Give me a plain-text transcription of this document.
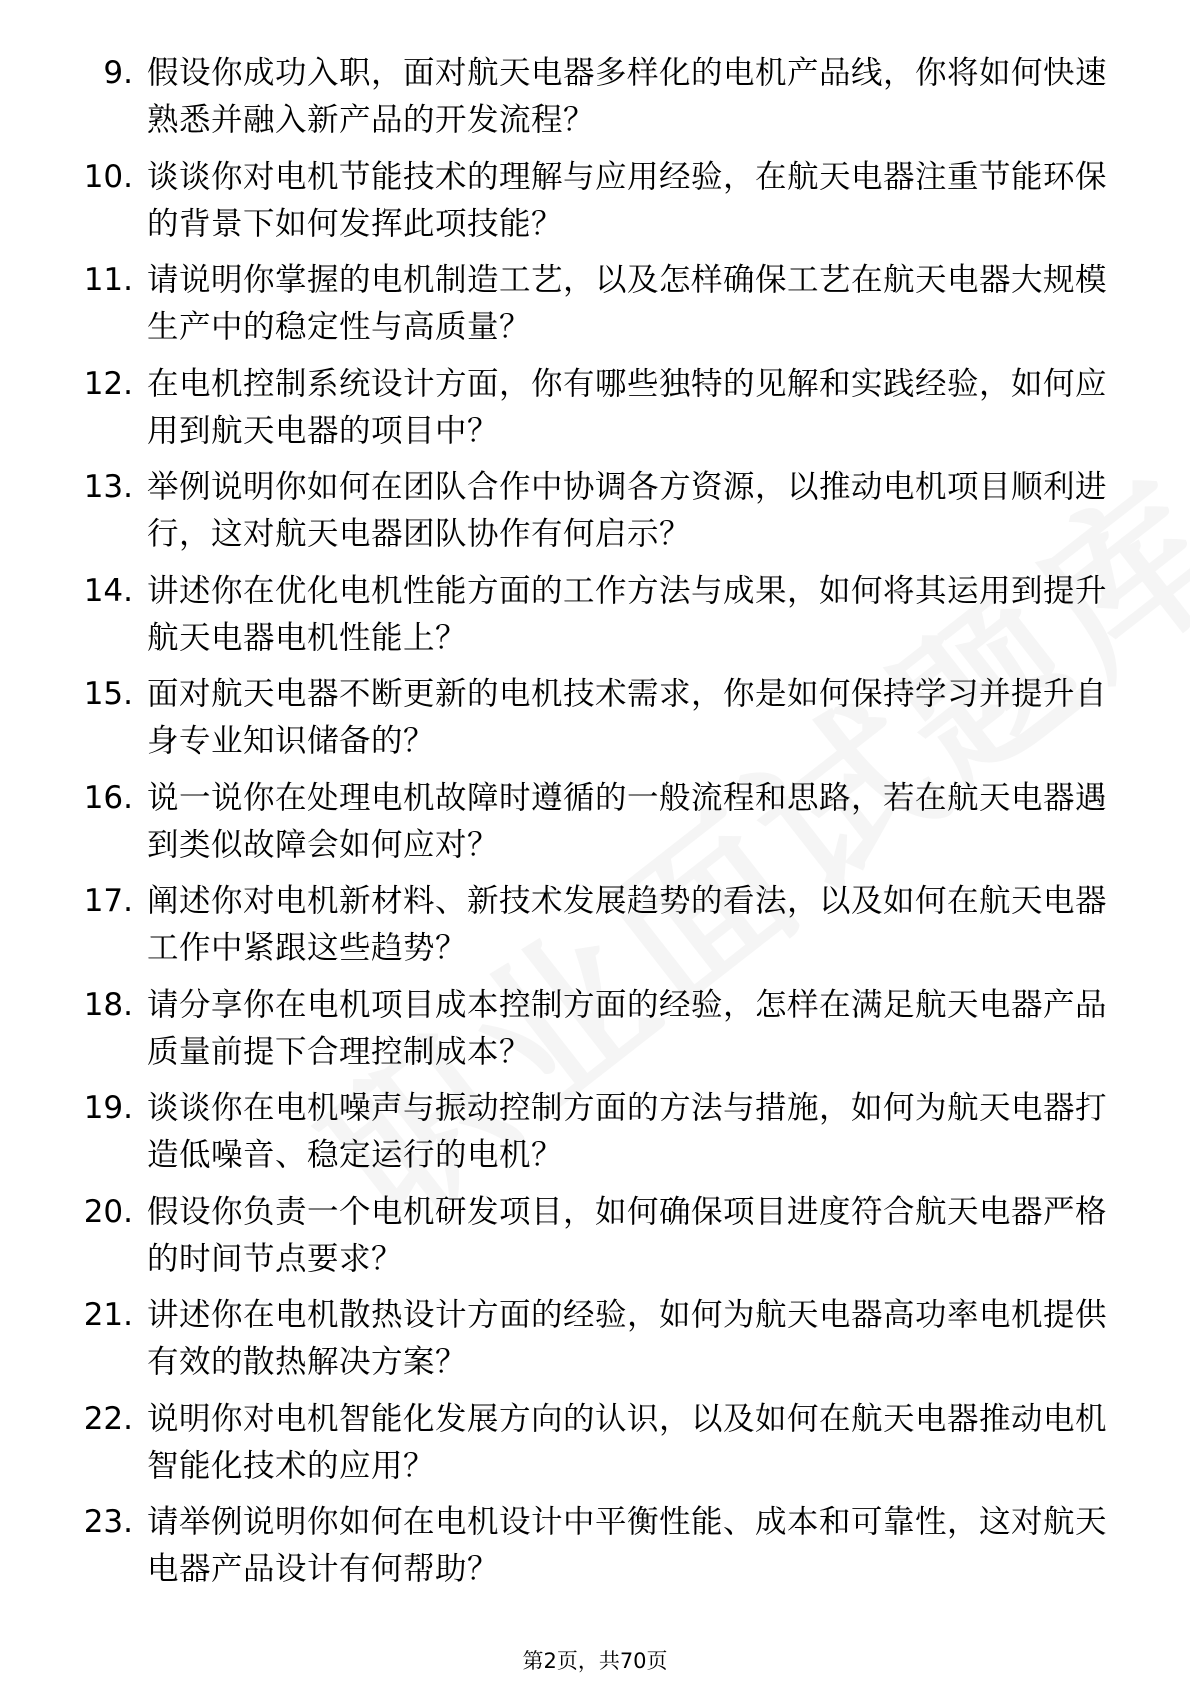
9. 假设你成功入职，面对航天电器多样化的电机产品线，你将如何快速熟悉并融入新产品的开发流程？
10. 谈谈你对电机节能技术的理解与应用经验，在航天电器注重节能环保的背景下如何发挥此项技能？
11. 请说明你掌握的电机制造工艺，以及怎样确保工艺在航天电器大规模生产中的稳定性与高质量？
12. 在电机控制系统设计方面，你有哪些独特的见解和实践经验，如何应用到航天电器的项目中？
13. 举例说明你如何在团队合作中协调各方资源，以推动电机项目顺利进行，这对航天电器团队协作有何启示？
14. 讲述你在优化电机性能方面的工作方法与成果，如何将其运用到提升航天电器电机性能上？
15. 面对航天电器不断更新的电机技术需求，你是如何保持学习并提升自身专业知识储备的？
16. 说一说你在处理电机故障时遵循的一般流程和思路，若在航天电器遇到类似故障会如何应对？
17. 阐述你对电机新材料、新技术发展趋势的看法，以及如何在航天电器工作中紧跟这些趋势？
18. 请分享你在电机项目成本控制方面的经验，怎样在满足航天电器产品质量前提下合理控制成本？
19. 谈谈你在电机噪声与振动控制方面的方法与措施，如何为航天电器打造低噪音、稳定运行的电机？
20. 假设你负责一个电机研发项目，如何确保项目进度符合航天电器严格的时间节点要求？
21. 讲述你在电机散热设计方面的经验，如何为航天电器高功率电机提供有效的散热解决方案？
22. 说明你对电机智能化发展方向的认识，以及如何在航天电器推动电机智能化技术的应用？
23. 请举例说明你如何在电机设计中平衡性能、成本和可靠性，这对航天电器产品设计有何帮助？
第2页，共70页
